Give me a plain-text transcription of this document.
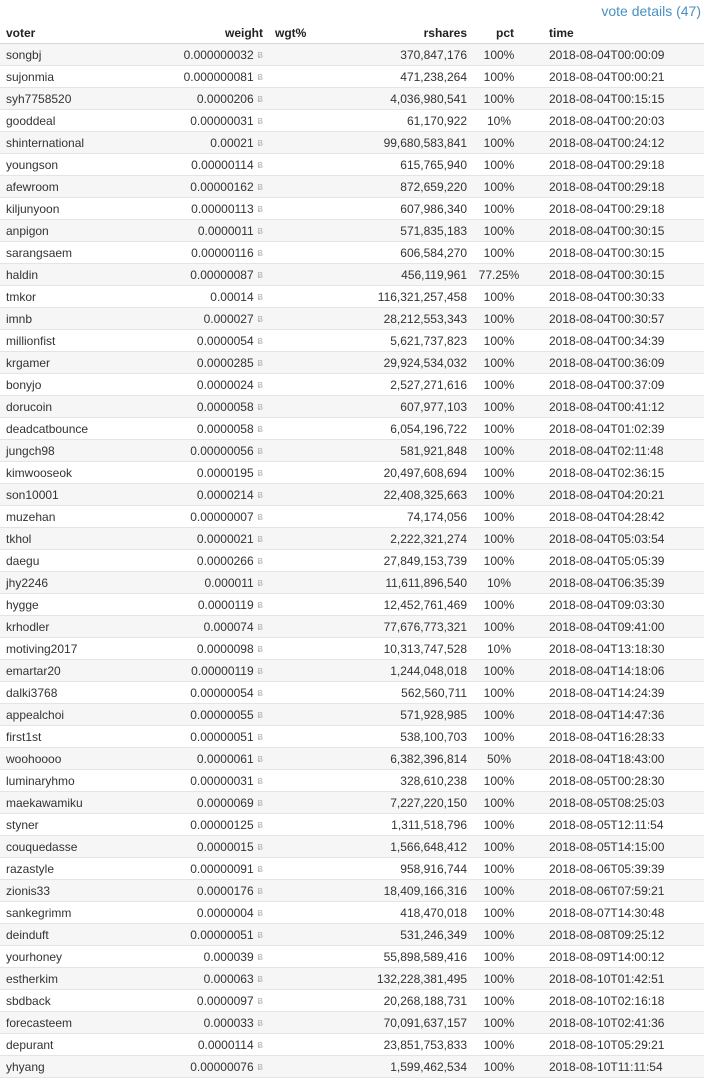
vote details (47)
voter	weight	wgt%	rshares	pct	time
songbj	0.000000032 Ƀ		370,847,176	100%	2018-08-04T00:00:09
sujonmia	0.000000081 Ƀ		471,238,264	100%	2018-08-04T00:00:21
syh7758520	0.0000206 Ƀ		4,036,980,541	100%	2018-08-04T00:15:15
gooddeal	0.00000031 Ƀ		61,170,922	10%	2018-08-04T00:20:03
shinternational	0.00021 Ƀ		99,680,583,841	100%	2018-08-04T00:24:12
youngson	0.00000114 Ƀ		615,765,940	100%	2018-08-04T00:29:18
afewroom	0.00000162 Ƀ		872,659,220	100%	2018-08-04T00:29:18
kiljunyoon	0.00000113 Ƀ		607,986,340	100%	2018-08-04T00:29:18
anpigon	0.0000011 Ƀ		571,835,183	100%	2018-08-04T00:30:15
sarangsaem	0.00000116 Ƀ		606,584,270	100%	2018-08-04T00:30:15
haldin	0.00000087 Ƀ		456,119,961	77.25%	2018-08-04T00:30:15
tmkor	0.00014 Ƀ		116,321,257,458	100%	2018-08-04T00:30:33
imnb	0.000027 Ƀ		28,212,553,343	100%	2018-08-04T00:30:57
millionfist	0.0000054 Ƀ		5,621,737,823	100%	2018-08-04T00:34:39
krgamer	0.0000285 Ƀ		29,924,534,032	100%	2018-08-04T00:36:09
bonyjo	0.0000024 Ƀ		2,527,271,616	100%	2018-08-04T00:37:09
dorucoin	0.0000058 Ƀ		607,977,103	100%	2018-08-04T00:41:12
deadcatbounce	0.0000058 Ƀ		6,054,196,722	100%	2018-08-04T01:02:39
jungch98	0.00000056 Ƀ		581,921,848	100%	2018-08-04T02:11:48
kimwooseok	0.0000195 Ƀ		20,497,608,694	100%	2018-08-04T02:36:15
son10001	0.0000214 Ƀ		22,408,325,663	100%	2018-08-04T04:20:21
muzehan	0.00000007 Ƀ		74,174,056	100%	2018-08-04T04:28:42
tkhol	0.0000021 Ƀ		2,222,321,274	100%	2018-08-04T05:03:54
daegu	0.0000266 Ƀ		27,849,153,739	100%	2018-08-04T05:05:39
jhy2246	0.000011 Ƀ		11,611,896,540	10%	2018-08-04T06:35:39
hygge	0.0000119 Ƀ		12,452,761,469	100%	2018-08-04T09:03:30
krhodler	0.000074 Ƀ		77,676,773,321	100%	2018-08-04T09:41:00
motiving2017	0.0000098 Ƀ		10,313,747,528	10%	2018-08-04T13:18:30
emartar20	0.00000119 Ƀ		1,244,048,018	100%	2018-08-04T14:18:06
dalki3768	0.00000054 Ƀ		562,560,711	100%	2018-08-04T14:24:39
appealchoi	0.00000055 Ƀ		571,928,985	100%	2018-08-04T14:47:36
first1st	0.00000051 Ƀ		538,100,703	100%	2018-08-04T16:28:33
woohoooo	0.0000061 Ƀ		6,382,396,814	50%	2018-08-04T18:43:00
luminaryhmo	0.00000031 Ƀ		328,610,238	100%	2018-08-05T00:28:30
maekawamiku	0.0000069 Ƀ		7,227,220,150	100%	2018-08-05T08:25:03
styner	0.00000125 Ƀ		1,311,518,796	100%	2018-08-05T12:11:54
couquedasse	0.0000015 Ƀ		1,566,648,412	100%	2018-08-05T14:15:00
razastyle	0.00000091 Ƀ		958,916,744	100%	2018-08-06T05:39:39
zionis33	0.0000176 Ƀ		18,409,166,316	100%	2018-08-06T07:59:21
sankegrimm	0.0000004 Ƀ		418,470,018	100%	2018-08-07T14:30:48
deinduft	0.00000051 Ƀ		531,246,349	100%	2018-08-08T09:25:12
yourhoney	0.000039 Ƀ		55,898,589,416	100%	2018-08-09T14:00:12
estherkim	0.000063 Ƀ		132,228,381,495	100%	2018-08-10T01:42:51
sbdback	0.0000097 Ƀ		20,268,188,731	100%	2018-08-10T02:16:18
forecasteem	0.000033 Ƀ		70,091,637,157	100%	2018-08-10T02:41:36
depurant	0.0000114 Ƀ		23,851,753,833	100%	2018-08-10T05:29:21
yhyang	0.00000076 Ƀ		1,599,462,534	100%	2018-08-10T11:11:54
